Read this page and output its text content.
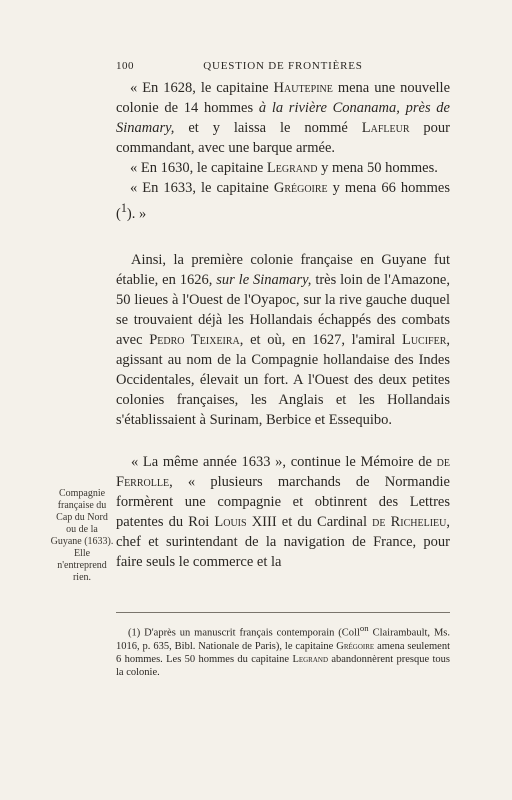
100	QUESTION DE FRONTIÈRES

« En 1628, le capitaine Hautepine mena une nouvelle colonie de 14 hommes à la rivière Conanama, près de Sinamary, et y laissa le nommé Lafleur pour commandant, avec une barque armée.

« En 1630, le capitaine Legrand y mena 50 hommes.

« En 1633, le capitaine Grégoire y mena 66 hommes ($^1$). »

Ainsi, la première colonie française en Guyane fut établie, en 1626, sur le Sinamary, très loin de l'Amazone, 50 lieues à l'Ouest de l'Oyapoc, sur la rive gauche duquel se trouvaient déjà les Hollandais échappés des combats avec Pedro Teixeira, et où, en 1627, l'amiral Lucifer, agissant au nom de la Compagnie hollandaise des Indes Occidentales, élevait un fort. A l'Ouest des deux petites colonies françaises, les Anglais et les Hollandais s'établissaient à Surinam, Berbice et Essequibo.

« La même année 1633 », continue le Mémoire de de Ferrolle, « plusieurs marchands de Normandie formèrent une compagnie et obtinrent des Lettres patentes du Roi Louis XIII et du Cardinal de Richelieu, chef et surintendant de la navigation de France, pour faire seuls le commerce et la

Compagnie française du Cap du Nord ou de la Guyane (1633). Elle n'entreprend rien.

(1) D'après un manuscrit français contemporain (Coll$^{on}$ Clairambault, Ms. 1016, p. 635, Bibl. Nationale de Paris), le capitaine Grégoire amena seulement 6 hommes. Les 50 hommes du capitaine Legrand abandonnèrent presque tous la colonie.
